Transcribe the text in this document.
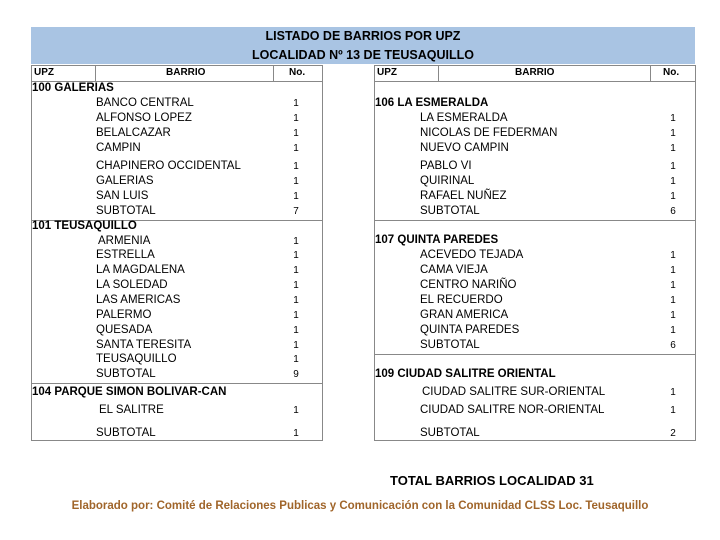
LISTADO DE BARRIOS POR UPZ
LOCALIDAD Nº 13 DE TEUSAQUILLO
UPZ	BARRIO	No.
100 GALERIAS
BANCO CENTRAL	1
ALFONSO LOPEZ	1
BELALCAZAR	1
CAMPIN	1
CHAPINERO OCCIDENTAL	1
GALERIAS	1
SAN LUIS	1
SUBTOTAL	7
101 TEUSAQUILLO
ARMENIA	1
ESTRELLA	1
LA MAGDALENA	1
LA SOLEDAD	1
LAS AMERICAS	1
PALERMO	1
QUESADA	1
SANTA TERESITA	1
TEUSAQUILLO	1
SUBTOTAL	9
104 PARQUE SIMON BOLIVAR-CAN
EL SALITRE	1
SUBTOTAL	1
UPZ	BARRIO	No.
106 LA ESMERALDA
LA ESMERALDA	1
NICOLAS DE FEDERMAN	1
NUEVO CAMPIN	1
PABLO VI	1
QUIRINAL	1
RAFAEL NUÑEZ	1
SUBTOTAL	6
107 QUINTA PAREDES
ACEVEDO TEJADA	1
CAMA VIEJA	1
CENTRO NARIÑO	1
EL RECUERDO	1
GRAN AMERICA	1
QUINTA PAREDES	1
SUBTOTAL	6
109 CIUDAD SALITRE ORIENTAL
CIUDAD SALITRE SUR-ORIENTAL	1
CIUDAD SALITRE NOR-ORIENTAL	1
SUBTOTAL	2
TOTAL BARRIOS LOCALIDAD 31
Elaborado por: Comité de Relaciones Publicas y Comunicación con la Comunidad CLSS Loc. Teusaquillo
